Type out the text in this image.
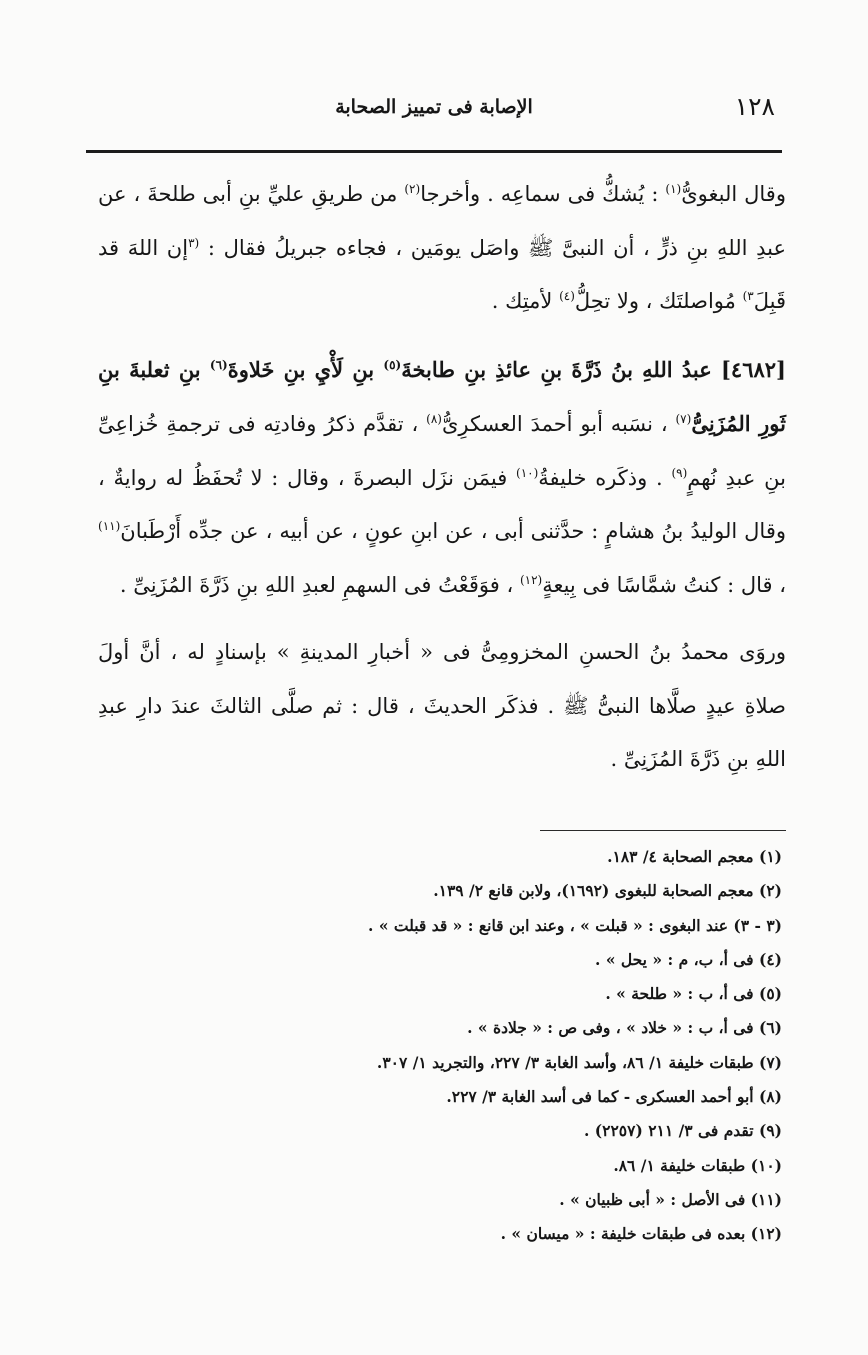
١٢٨
الإصابة فى تمييز الصحابة

وقال البغوىُّ$^{(١)}$ : يُشكُّ فى سماعِه . وأخرجا$^{(٢)}$ من طريقِ عليِّ بنِ أبى طلحةَ ، عن عبدِ اللهِ بنِ ذرٍّ ، أن النبىَّ ﷺ واصَل يومَين ، فجاءه جبريلُ فقال : $^{(٣}$إن اللهَ قد قَبِلَ$^{٣)}$ مُواصلتَك ، ولا تحِلُّ$^{(٤)}$ لأمتِك .

[٤٦٨٢] عبدُ اللهِ بنُ ذَرَّةَ بنِ عائذِ بنِ طابخةَ$^{(٥)}$ بنِ لَأْيِ بنِ خَلاوةَ$^{(٦)}$ بنِ ثعلبةَ بنِ ثَورِ المُزَنِىُّ$^{(٧)}$ ، نسَبه أبو أحمدَ العسكرِىُّ$^{(٨)}$ ، تقدَّم ذكرُ وفادتِه فى ترجمةِ خُزاعِىِّ بنِ عبدِ نُهمٍ$^{(٩)}$ . وذكَره خليفةُ$^{(١٠)}$ فيمَن نزَل البصرةَ ، وقال : لا تُحفَظُ له روايةٌ ، وقال الوليدُ بنُ هشامٍ : حدَّثنى أبى ، عن ابنِ عونٍ ، عن أبيه ، عن جدِّه أَرْطَبانَ$^{(١١)}$ ، قال : كنتُ شمَّاسًا فى بِيعةٍ$^{(١٢)}$ ، فوَقَعْتُ فى السهمِ لعبدِ اللهِ بنِ ذَرَّةَ المُزَنِىِّ .

وروَى محمدُ بنُ الحسنِ المخزومِىُّ فى « أخبارِ المدينةِ » بإسنادٍ له ، أنَّ أولَ صلاةِ عيدٍ صلَّاها النبىُّ ﷺ . فذكَر الحديثَ ، قال : ثم صلَّى الثالثَ عندَ دارِ عبدِ اللهِ بنِ ذَرَّةَ المُزَنِىِّ .

(١) معجم الصحابة ٤/ ١٨٣.
(٢) معجم الصحابة للبغوى (١٦٩٢)، ولابن قانع ٢/ ١٣٩.
(٣ - ٣) عند البغوى : « قبلت » ، وعند ابن قانع : « قد قبلت » .
(٤) فى أ، ب، م : « يحل » .
(٥) فى أ، ب : « طلحة » .
(٦) فى أ، ب : « خلاد » ، وفى ص : « جلادة » .
(٧) طبقات خليفة ١/ ٨٦، وأسد الغابة ٣/ ٢٢٧، والتجريد ١/ ٣٠٧.
(٨) أبو أحمد العسكرى - كما فى أسد الغابة ٣/ ٢٢٧.
(٩) تقدم فى ٣/ ٢١١ (٢٢٥٧) .
(١٠) طبقات خليفة ١/ ٨٦.
(١١) فى الأصل : « أبى ظبيان » .
(١٢) بعده فى طبقات خليفة : « ميسان » .
